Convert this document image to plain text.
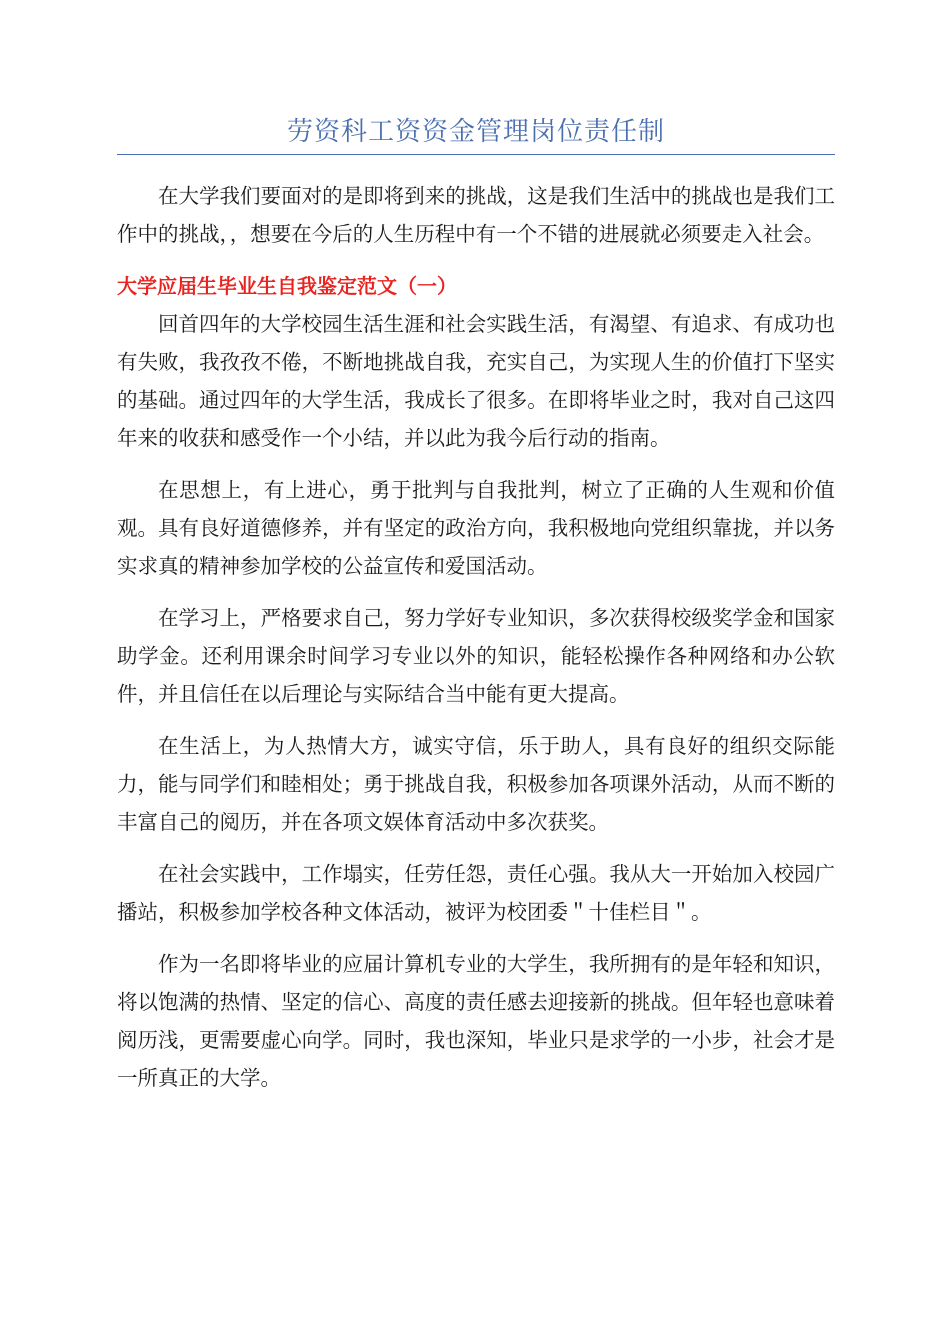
劳资科工资资金管理岗位责任制

在大学我们要面对的是即将到来的挑战，这是我们生活中的挑战也是我们工作中的挑战，，想要在今后的人生历程中有一个不错的进展就必须要走入社会。

大学应届生毕业生自我鉴定范文（一）

回首四年的大学校园生活生涯和社会实践生活，有渴望、有追求、有成功也有失败，我孜孜不倦，不断地挑战自我，充实自己，为实现人生的价值打下坚实的基础。通过四年的大学生活，我成长了很多。在即将毕业之时，我对自己这四年来的收获和感受作一个小结，并以此为我今后行动的指南。

在思想上，有上进心，勇于批判与自我批判，树立了正确的人生观和价值观。具有良好道德修养，并有坚定的政治方向，我积极地向党组织靠拢，并以务实求真的精神参加学校的公益宣传和爱国活动。

在学习上，严格要求自己，努力学好专业知识，多次获得校级奖学金和国家助学金。还利用课余时间学习专业以外的知识，能轻松操作各种网络和办公软件，并且信任在以后理论与实际结合当中能有更大提高。

在生活上，为人热情大方，诚实守信，乐于助人，具有良好的组织交际能力，能与同学们和睦相处；勇于挑战自我，积极参加各项课外活动，从而不断的丰富自己的阅历，并在各项文娱体育活动中多次获奖。

在社会实践中，工作塌实，任劳任怨，责任心强。我从大一开始加入校园广播站，积极参加学校各种文体活动，被评为校团委＂十佳栏目＂。

作为一名即将毕业的应届计算机专业的大学生，我所拥有的是年轻和知识，将以饱满的热情、坚定的信心、高度的责任感去迎接新的挑战。但年轻也意味着阅历浅，更需要虚心向学。同时，我也深知，毕业只是求学的一小步，社会才是一所真正的大学。
